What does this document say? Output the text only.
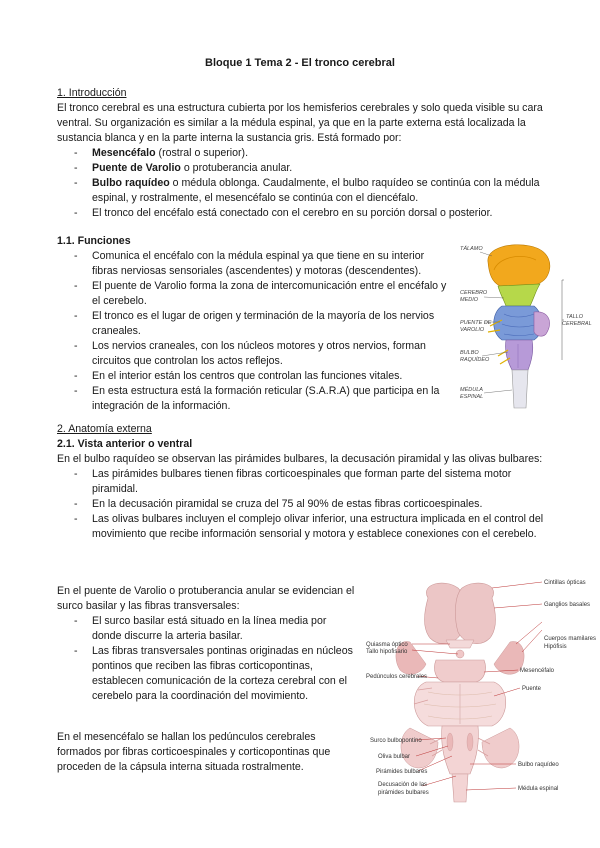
Bloque 1 Tema 2 - El tronco cerebral

1. Introducción

El tronco cerebral es una estructura cubierta por los hemisferios cerebrales y solo queda visible su cara ventral. Su organización es similar a la médula espinal, ya que en la parte externa está localizada la sustancia blanca y en la parte interna la sustancia gris. Está formado por:

- Mesencéfalo (rostral o superior).
- Puente de Varolio o protuberancia anular.
- Bulbo raquídeo o médula oblonga. Caudalmente, el bulbo raquídeo se continúa con la médula espinal, y rostralmente, el mesencéfalo se continúa con el diencéfalo.
- El tronco del encéfalo está conectado con el cerebro en su porción dorsal o posterior.

1.1. Funciones

- Comunica el encéfalo con la médula espinal ya que tiene en su interior fibras nerviosas sensoriales (ascendentes) y motoras (descendentes).
- El puente de Varolio forma la zona de intercomunicación entre el encéfalo y el cerebelo.
- El tronco es el lugar de origen y terminación de la mayoría de los nervios craneales.
- Los nervios craneales, con los núcleos motores y otros nervios, forman circuitos que controlan los actos reflejos.
- En el interior están los centros que controlan las funciones vitales.
- En esta estructura está la formación reticular (S.A.R.A) que participa en la integración de la información.
TÁLAMO
CEREBRO
MEDIO
PUENTE DE
VAROLIO
BULBO
RAQUÍDEO
MÉDULA
ESPINAL
TALLO
CEREBRAL

2. Anatomía externa

2.1. Vista anterior o ventral

En el bulbo raquídeo se observan las pirámides bulbares, la decusación piramidal y las olivas bulbares:

- Las pirámides bulbares tienen fibras corticoespinales que forman parte del sistema motor piramidal.
- En la decusación piramidal se cruza del 75 al 90% de estas fibras corticoespinales.
- Las olivas bulbares incluyen el complejo olivar inferior, una estructura implicada en el control del movimiento que recibe información sensorial y motora y establece conexiones con el cerebelo.

En el puente de Varolio o protuberancia anular se evidencian el surco basilar y las fibras transversales:

- El surco basilar está situado en la línea media por donde discurre la arteria basilar.
- Las fibras transversales pontinas originadas en núcleos pontinos que reciben las fibras corticopontinas, establecen comunicación de la corteza cerebral con el cerebelo para la coordinación del movimiento.

En el mesencéfalo se hallan los pedúnculos cerebrales formados por fibras corticoespinales y corticopontinas que proceden de la cápsula interna situada rostralmente.

Quiasma óptico
Tallo hipofisario
Pedúnculos cerebrales
Surco bulbopontino
Oliva bulbar
Pirámides bulbares
Decusación de las
pirámides bulbares
Cintillas ópticas
Ganglios basales
Cuerpos mamilares
Hipófisis
Mesencéfalo
Puente
Bulbo raquídeo
Médula espinal
